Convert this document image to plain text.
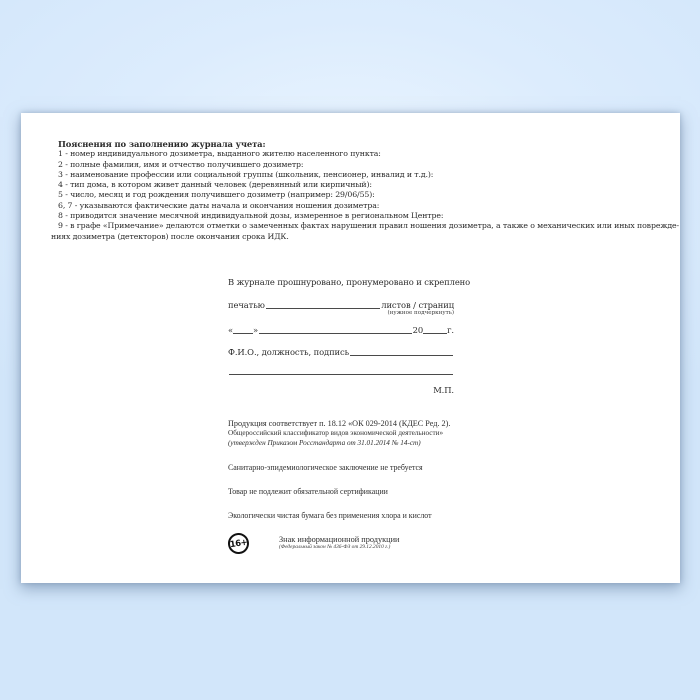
Пояснения по заполнению журнала учета:
1 - номер индивидуального дозиметра, выданного жителю населенного пункта:
2 - полные фамилия, имя и отчество получившего дозиметр:
3 - наименование профессии или социальной группы (школьник, пенсионер, инвалид и т.д.):
4 - тип дома, в котором живет данный человек (деревянный или кирпичный):
5 - число, месяц и год рождения получившего дозиметр (например: 29/06/55):
6, 7 - указываются фактические даты начала и окончания ношения дозиметра:
8 - приводится значение месячной индивидуальной дозы, измеренное в региональном Центре:
9 - в графе «Примечание» делаются отметки о замеченных фактах нарушения правил ношения дозиметра, а также о механических или иных поврежде-
ниях дозиметра (детекторов) после окончания срока ИДК.
В журнале прошнуровано, пронумеровано и скреплено
печатью	листов / страниц
(нужное подчеркнуть)
« »	20	г.
Ф.И.О., должность, подпись
М.П.
Продукция соответствует п. 18.12 «ОК 029-2014 (КДЕС Ред. 2).
Общероссийский классификатор видов экономической деятельности»
(утвержден Приказом Росстандарта от 31.01.2014 № 14-ст)
Санитарно-эпидемиологическое заключение не требуется
Товар не подлежит обязательной сертификации
Экологически чистая бумага без применения хлора и кислот
16+	Знак информационной продукции
(Федеральный закон № 436-ФЗ от 29.12.2010 г.)
